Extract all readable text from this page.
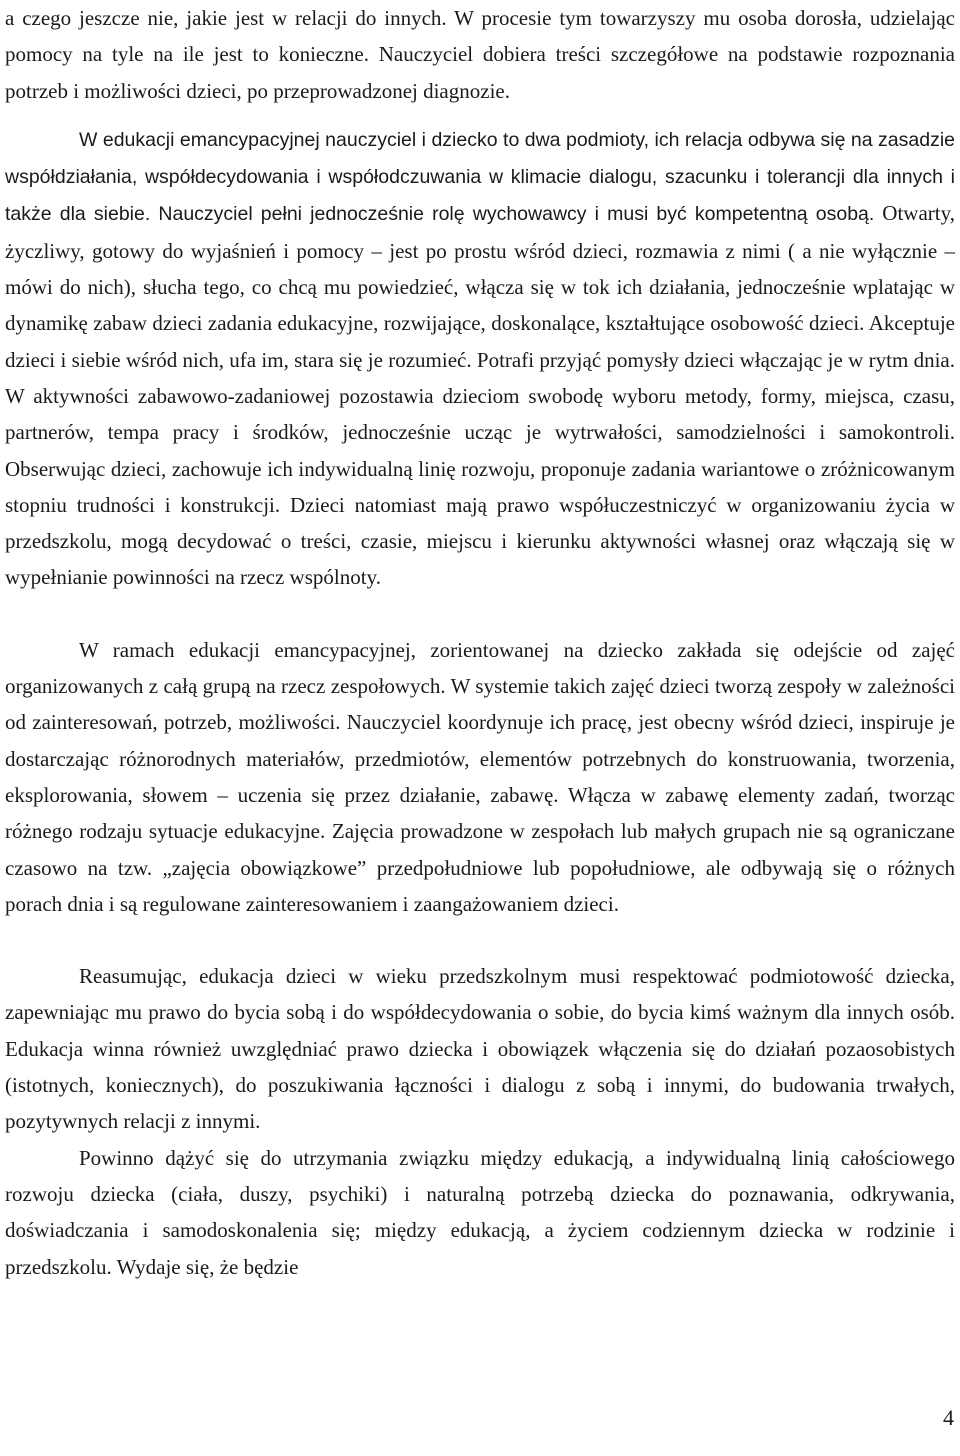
a czego jeszcze nie, jakie jest w relacji do innych. W procesie tym towarzyszy mu osoba dorosła, udzielając pomocy na tyle na ile jest to konieczne. Nauczyciel dobiera treści szczegółowe na podstawie rozpoznania potrzeb i możliwości dzieci, po przeprowadzonej diagnozie.

W edukacji emancypacyjnej nauczyciel i dziecko to dwa podmioty, ich relacja odbywa się na zasadzie współdziałania, współdecydowania i współodczuwania w klimacie dialogu, szacunku i tolerancji dla innych i także dla siebie. Nauczyciel pełni jednocześnie rolę wychowawcy i musi być kompetentną osobą. Otwarty, życzliwy, gotowy do wyjaśnień i pomocy – jest po prostu wśród dzieci, rozmawia z nimi ( a nie wyłącznie – mówi do nich), słucha tego, co chcą mu powiedzieć, włącza się w tok ich działania, jednocześnie wplatając w dynamikę zabaw dzieci zadania edukacyjne, rozwijające, doskonalące, kształtujące osobowość dzieci. Akceptuje dzieci i siebie wśród nich, ufa im, stara się je rozumieć. Potrafi przyjąć pomysły dzieci włączając je w rytm dnia. W aktywności zabawowo-zadaniowej pozostawia dzieciom swobodę wyboru metody, formy, miejsca, czasu, partnerów, tempa pracy i środków, jednocześnie ucząc je wytrwałości, samodzielności i samokontroli. Obserwując dzieci, zachowuje ich indywidualną linię rozwoju, proponuje zadania wariantowe o zróżnicowanym stopniu trudności i konstrukcji. Dzieci natomiast mają prawo współuczestniczyć w organizowaniu życia w przedszkolu, mogą decydować o treści, czasie, miejscu i kierunku aktywności własnej oraz włączają się w wypełnianie powinności na rzecz wspólnoty.

W ramach edukacji emancypacyjnej, zorientowanej na dziecko zakłada się odejście od zajęć organizowanych z całą grupą na rzecz zespołowych. W systemie takich zajęć dzieci tworzą zespoły w zależności od zainteresowań, potrzeb, możliwości. Nauczyciel koordynuje ich pracę, jest obecny wśród dzieci, inspiruje je dostarczając różnorodnych materiałów, przedmiotów, elementów potrzebnych do konstruowania, tworzenia, eksplorowania, słowem – uczenia się przez działanie, zabawę. Włącza w zabawę elementy zadań, tworząc różnego rodzaju sytuacje edukacyjne. Zajęcia prowadzone w zespołach lub małych grupach nie są ograniczane czasowo na tzw. „zajęcia obowiązkowe” przedpołudniowe lub popołudniowe, ale odbywają się o różnych porach dnia i są regulowane zainteresowaniem i zaangażowaniem dzieci.

Reasumując, edukacja dzieci w wieku przedszkolnym musi respektować podmiotowość dziecka, zapewniając mu prawo do bycia sobą i do współdecydowania o sobie, do bycia kimś ważnym dla innych osób. Edukacja winna również uwzględniać prawo dziecka i obowiązek włączenia się do działań pozaosobistych (istotnych, koniecznych), do poszukiwania łączności i dialogu z sobą i innymi, do budowania trwałych, pozytywnych relacji z innymi.

Powinno dążyć się do utrzymania związku między edukacją, a indywidualną linią całościowego rozwoju dziecka (ciała, duszy, psychiki) i naturalną potrzebą dziecka do poznawania, odkrywania, doświadczania i samodoskonalenia się; między edukacją, a życiem codziennym dziecka w rodzinie i przedszkolu. Wydaje się, że będzie

4
